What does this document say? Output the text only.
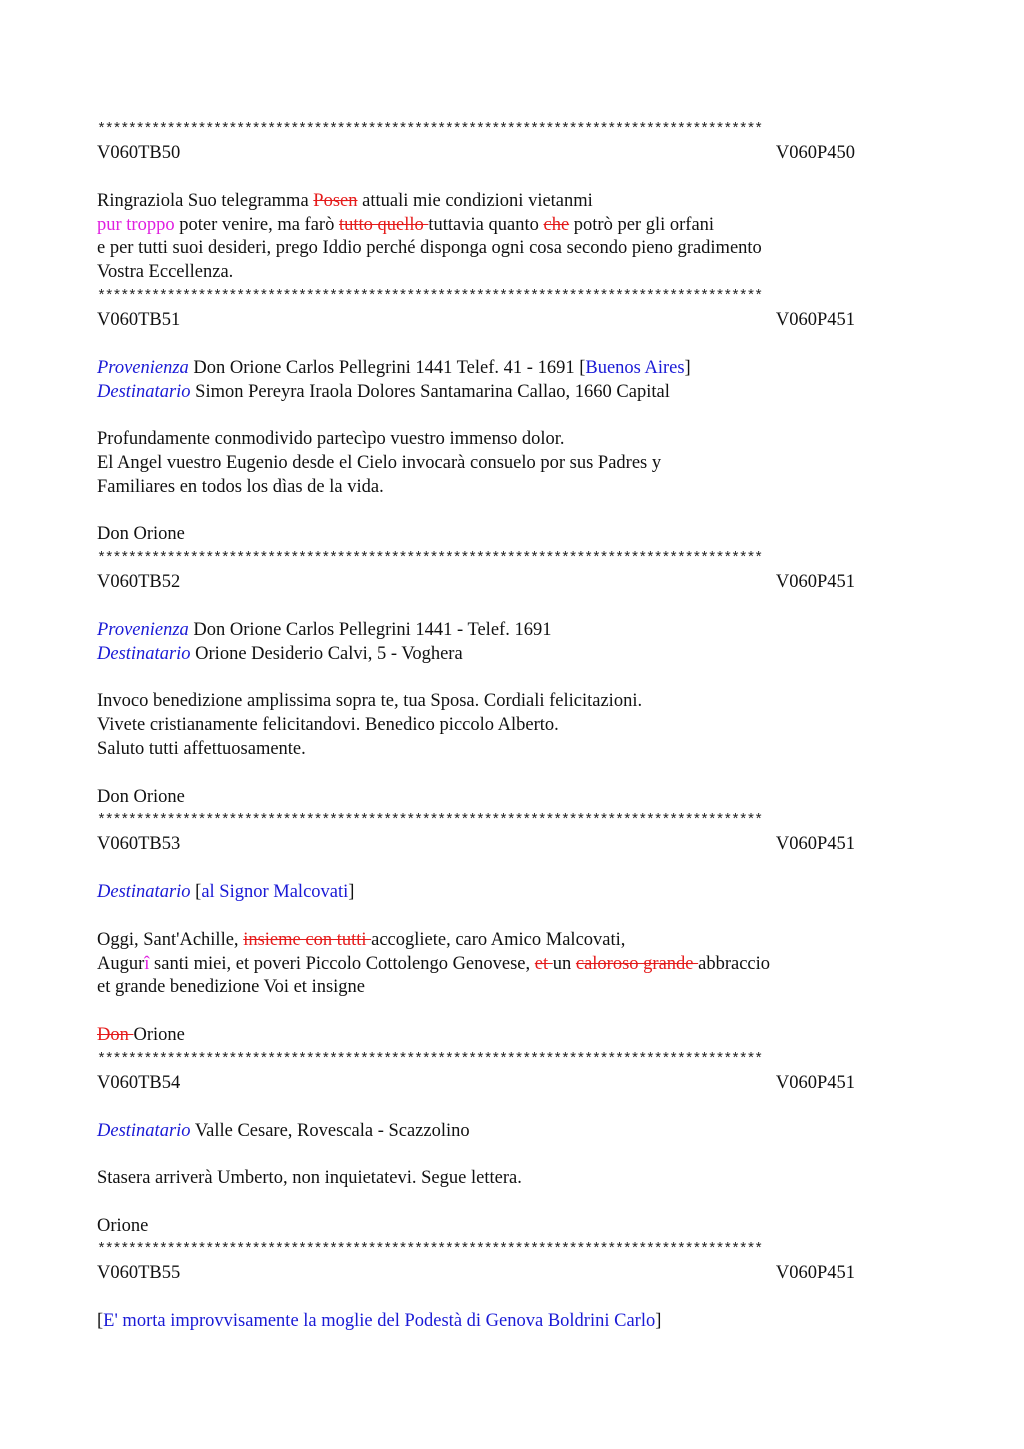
**************************************************************************************
V060TB50	V060P450
Ringraziola Suo telegramma Posen attuali mie condizioni vietanmi
pur troppo poter venire, ma farò tutto quello tuttavia quanto che potrò per gli orfani
e per tutti suoi desideri, prego Iddio perché disponga ogni cosa secondo pieno gradimento
Vostra Eccellenza.
**************************************************************************************
V060TB51	V060P451
Provenienza Don Orione Carlos Pellegrini 1441 Telef. 41 - 1691 [Buenos Aires]
Destinatario Simon Pereyra Iraola Dolores Santamarina Callao, 1660 Capital
Profundamente conmodivido partecìpo vuestro immenso dolor.
El Angel vuestro Eugenio desde el Cielo invocarà consuelo por sus Padres y
Familiares en todos los dìas de la vida.
Don Orione
**************************************************************************************
V060TB52	V060P451
Provenienza Don Orione Carlos Pellegrini 1441 - Telef. 1691
Destinatario Orione Desiderio Calvi, 5 - Voghera
Invoco benedizione amplissima sopra te, tua Sposa. Cordiali felicitazioni.
Vivete cristianamente felicitandovi. Benedico piccolo Alberto.
Saluto tutti affettuosamente.
Don Orione
**************************************************************************************
V060TB53	V060P451
Destinatario [al Signor Malcovati]
Oggi, Sant'Achille, insieme con tutti accogliete, caro Amico Malcovati,
Augurî santi miei, et poveri Piccolo Cottolengo Genovese, et un caloroso grande abbraccio
et grande benedizione Voi et insigne
Don Orione
**************************************************************************************
V060TB54	V060P451
Destinatario Valle Cesare, Rovescala - Scazzolino
Stasera arriverà Umberto, non inquietatevi. Segue lettera.
Orione
**************************************************************************************
V060TB55	V060P451
[E' morta improvvisamente la moglie del Podestà di Genova Boldrini Carlo]
